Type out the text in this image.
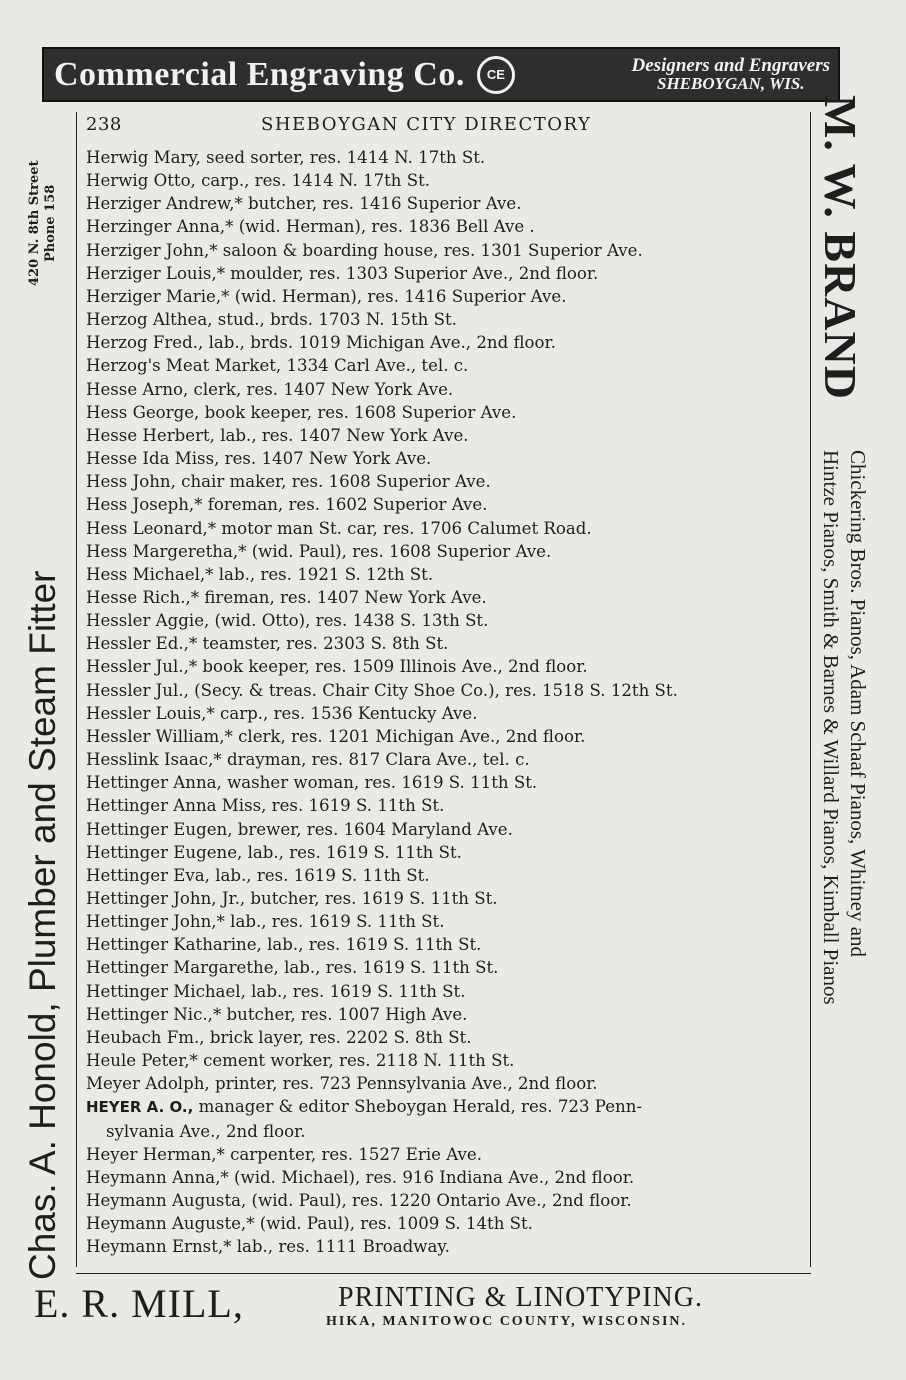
Commercial Engraving Co.	CE	Designers and Engravers
SHEBOYGAN, WIS.
420 N. 8th Street
Phone 158
Chas. A. Honold, Plumber and Steam Fitter
M. W. BRAND
Chickering Bros. Pianos, Adam Schaaf Pianos, Whitney and
Hintze Pianos, Smith & Barnes & Willard Pianos, Kimball Pianos
238	SHEBOYGAN CITY DIRECTORY
Herwig Mary, seed sorter, res. 1414 N. 17th St.
Herwig Otto, carp., res. 1414 N. 17th St.
Herziger Andrew,* butcher, res. 1416 Superior Ave.
Herzinger Anna,* (wid. Herman), res. 1836 Bell Ave .
Herziger John,* saloon & boarding house, res. 1301 Superior Ave.
Herziger Louis,* moulder, res. 1303 Superior Ave., 2nd floor.
Herziger Marie,* (wid. Herman), res. 1416 Superior Ave.
Herzog Althea, stud., brds. 1703 N. 15th St.
Herzog Fred., lab., brds. 1019 Michigan Ave., 2nd floor.
Herzog's Meat Market, 1334 Carl Ave., tel. c.
Hesse Arno, clerk, res. 1407 New York Ave.
Hess George, book keeper, res. 1608 Superior Ave.
Hesse Herbert, lab., res. 1407 New York Ave.
Hesse Ida Miss, res. 1407 New York Ave.
Hess John, chair maker, res. 1608 Superior Ave.
Hess Joseph,* foreman, res. 1602 Superior Ave.
Hess Leonard,* motor man St. car, res. 1706 Calumet Road.
Hess Margeretha,* (wid. Paul), res. 1608 Superior Ave.
Hess Michael,* lab., res. 1921 S. 12th St.
Hesse Rich.,* fireman, res. 1407 New York Ave.
Hessler Aggie, (wid. Otto), res. 1438 S. 13th St.
Hessler Ed.,* teamster, res. 2303 S. 8th St.
Hessler Jul.,* book keeper, res. 1509 Illinois Ave., 2nd floor.
Hessler Jul., (Secy. & treas. Chair City Shoe Co.), res. 1518 S. 12th St.
Hessler Louis,* carp., res. 1536 Kentucky Ave.
Hessler William,* clerk, res. 1201 Michigan Ave., 2nd floor.
Hesslink Isaac,* drayman, res. 817 Clara Ave., tel. c.
Hettinger Anna, washer woman, res. 1619 S. 11th St.
Hettinger Anna Miss, res. 1619 S. 11th St.
Hettinger Eugen, brewer, res. 1604 Maryland Ave.
Hettinger Eugene, lab., res. 1619 S. 11th St.
Hettinger Eva, lab., res. 1619 S. 11th St.
Hettinger John, Jr., butcher, res. 1619 S. 11th St.
Hettinger John,* lab., res. 1619 S. 11th St.
Hettinger Katharine, lab., res. 1619 S. 11th St.
Hettinger Margarethe, lab., res. 1619 S. 11th St.
Hettinger Michael, lab., res. 1619 S. 11th St.
Hettinger Nic.,* butcher, res. 1007 High Ave.
Heubach Fm., brick layer, res. 2202 S. 8th St.
Heule Peter,* cement worker, res. 2118 N. 11th St.
Meyer Adolph, printer, res. 723 Pennsylvania Ave., 2nd floor.
HEYER A. O., manager & editor Sheboygan Herald, res. 723 Penn-
sylvania Ave., 2nd floor.
Heyer Herman,* carpenter, res. 1527 Erie Ave.
Heymann Anna,* (wid. Michael), res. 916 Indiana Ave., 2nd floor.
Heymann Augusta, (wid. Paul), res. 1220 Ontario Ave., 2nd floor.
Heymann Auguste,* (wid. Paul), res. 1009 S. 14th St.
Heymann Ernst,* lab., res. 1111 Broadway.
E. R. MILL,	PRINTING & LINOTYPING.
HIKA, MANITOWOC COUNTY, WISCONSIN.
